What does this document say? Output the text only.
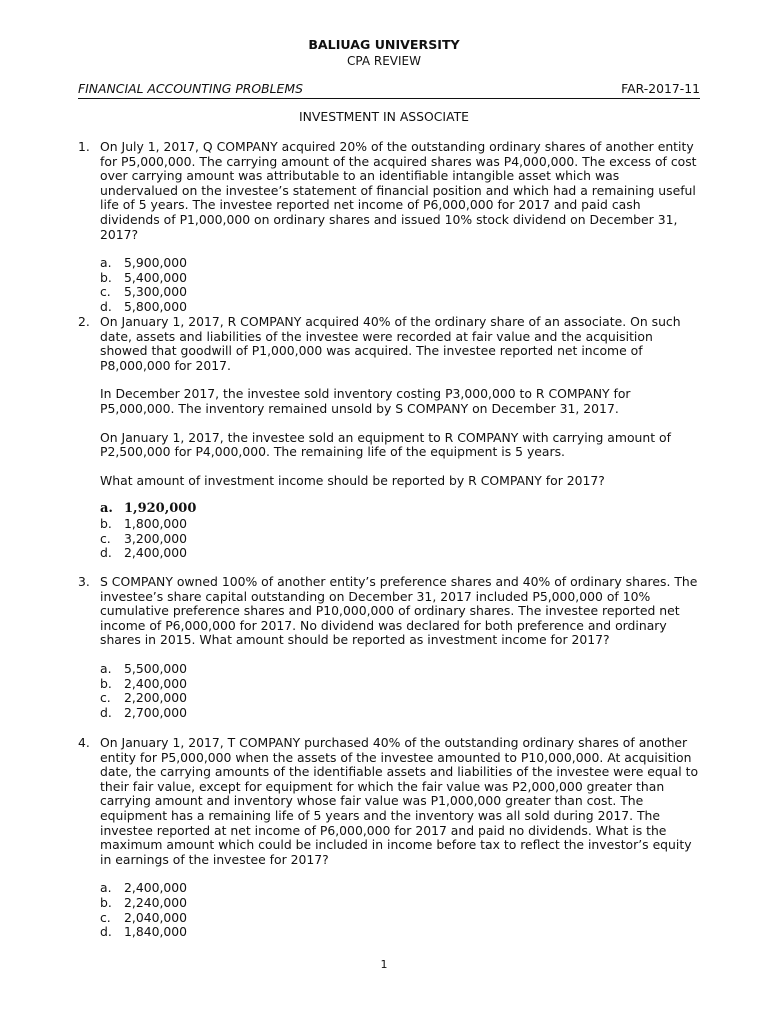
BALIUAG UNIVERSITY
CPA REVIEW
FINANCIAL ACCOUNTING PROBLEMS	FAR-2017-11
INVESTMENT IN ASSOCIATE
1. On July 1, 2017, Q COMPANY acquired 20% of the outstanding ordinary shares of another entity for P5,000,000. The carrying amount of the acquired shares was P4,000,000. The excess of cost over carrying amount was attributable to an identifiable intangible asset which was undervalued on the investee’s statement of financial position and which had a remaining useful life of 5 years. The investee reported net income of P6,000,000 for 2017 and paid cash dividends of P1,000,000 on ordinary shares and issued 10% stock dividend on December 31, 2017?

a.	5,900,000
b. 5,400,000
c.	5,300,000
d. 5,800,000
2. On January 1, 2017, R COMPANY acquired 40% of the ordinary share of an associate. On such date, assets and liabilities of the investee were recorded at fair value and the acquisition showed that goodwill of P1,000,000 was acquired. The investee reported net income of P8,000,000 for 2017.

In December 2017, the investee sold inventory costing P3,000,000 to R COMPANY for P5,000,000. The inventory remained unsold by S COMPANY on December 31, 2017.

On January 1, 2017, the investee sold an equipment to R COMPANY with carrying amount of P2,500,000 for P4,000,000. The remaining life of the equipment is 5 years.

What amount of investment income should be reported by R COMPANY for 2017?

a. 1,920,000
b. 1,800,000
c.	3,200,000
d. 2,400,000
3. S COMPANY owned 100% of another entity’s preference shares and 40% of ordinary shares. The investee’s share capital outstanding on December 31, 2017 included P5,000,000 of 10% cumulative preference shares and P10,000,000 of ordinary shares. The investee reported net income of P6,000,000 for 2017. No dividend was declared for both preference and ordinary shares in 2015. What amount should be reported as investment income for 2017?

a.	5,500,000
b. 2,400,000
c.	2,200,000
d. 2,700,000
4. On January 1, 2017, T COMPANY purchased 40% of the outstanding ordinary shares of another entity for P5,000,000 when the assets of the investee amounted to P10,000,000. At acquisition date, the carrying amounts of the identifiable assets and liabilities of the investee were equal to their fair value, except for equipment for which the fair value was P2,000,000 greater than carrying amount and inventory whose fair value was P1,000,000 greater than cost. The equipment has a remaining life of 5 years and the inventory was all sold during 2017. The investee reported at net income of P6,000,000 for 2017 and paid no dividends. What is the maximum amount which could be included in income before tax to reflect the investor’s equity in earnings of the investee for 2017?

a.	2,400,000
b. 2,240,000
c.	2,040,000
d. 1,840,000
1
